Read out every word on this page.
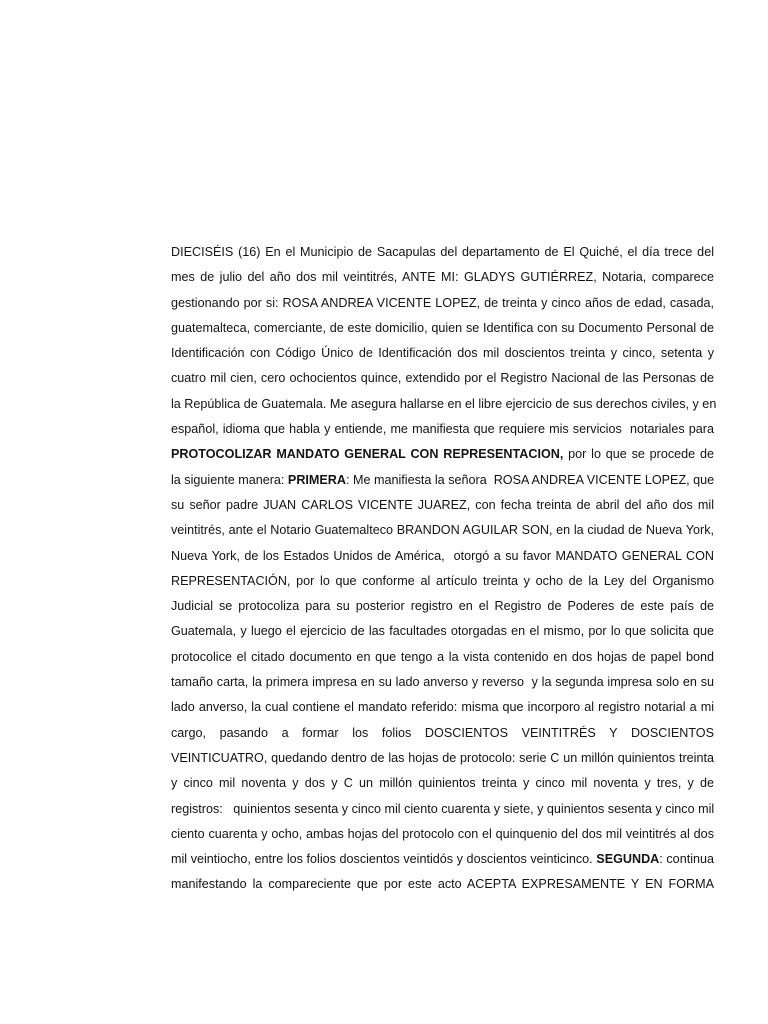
DIECISÉIS (16) En el Municipio de Sacapulas del departamento de El Quiché, el día trece del
mes de julio del año dos mil veintitrés, ANTE MI: GLADYS GUTIÉRREZ, Notaria, comparece
gestionando por si: ROSA ANDREA VICENTE LOPEZ, de treinta y cinco años de edad, casada,
guatemalteca, comerciante, de este domicilio, quien se Identifica con su Documento Personal de
Identificación con Código Único de Identificación dos mil doscientos treinta y cinco, setenta y
cuatro mil cien, cero ochocientos quince, extendido por el Registro Nacional de las Personas de
la República de Guatemala. Me asegura hallarse en el libre ejercicio de sus derechos civiles, y en
español, idioma que habla y entiende, me manifiesta que requiere mis servicios  notariales para
PROTOCOLIZAR MANDATO GENERAL CON REPRESENTACION, por lo que se procede de
la siguiente manera: PRIMERA: Me manifiesta la señora  ROSA ANDREA VICENTE LOPEZ, que
su señor padre JUAN CARLOS VICENTE JUAREZ, con fecha treinta de abril del año dos mil
veintitrés, ante el Notario Guatemalteco BRANDON AGUILAR SON, en la ciudad de Nueva York,
Nueva York, de los Estados Unidos de América,  otorgó a su favor MANDATO GENERAL CON
REPRESENTACIÓN, por lo que conforme al artículo treinta y ocho de la Ley del Organismo
Judicial se protocoliza para su posterior registro en el Registro de Poderes de este país de
Guatemala, y luego el ejercicio de las facultades otorgadas en el mismo, por lo que solicita que
protocolice el citado documento en que tengo a la vista contenido en dos hojas de papel bond
tamaño carta, la primera impresa en su lado anverso y reverso  y la segunda impresa solo en su
lado anverso, la cual contiene el mandato referido: misma que incorporo al registro notarial a mi
cargo,   pasando   a   formar   los   folios   DOSCIENTOS   VEINTITRÉS   Y   DOSCIENTOS
VEINTICUATRO, quedando dentro de las hojas de protocolo: serie C un millón quinientos treinta
y cinco mil noventa y dos y C un millón quinientos treinta y cinco mil noventa y tres, y de
registros:   quinientos sesenta y cinco mil ciento cuarenta y siete, y quinientos sesenta y cinco mil
ciento cuarenta y ocho, ambas hojas del protocolo con el quinquenio del dos mil veintitrés al dos
mil veintiocho, entre los folios doscientos veintidós y doscientos veinticinco. SEGUNDA: continua
manifestando la compareciente que por este acto ACEPTA EXPRESAMENTE Y EN FORMA
